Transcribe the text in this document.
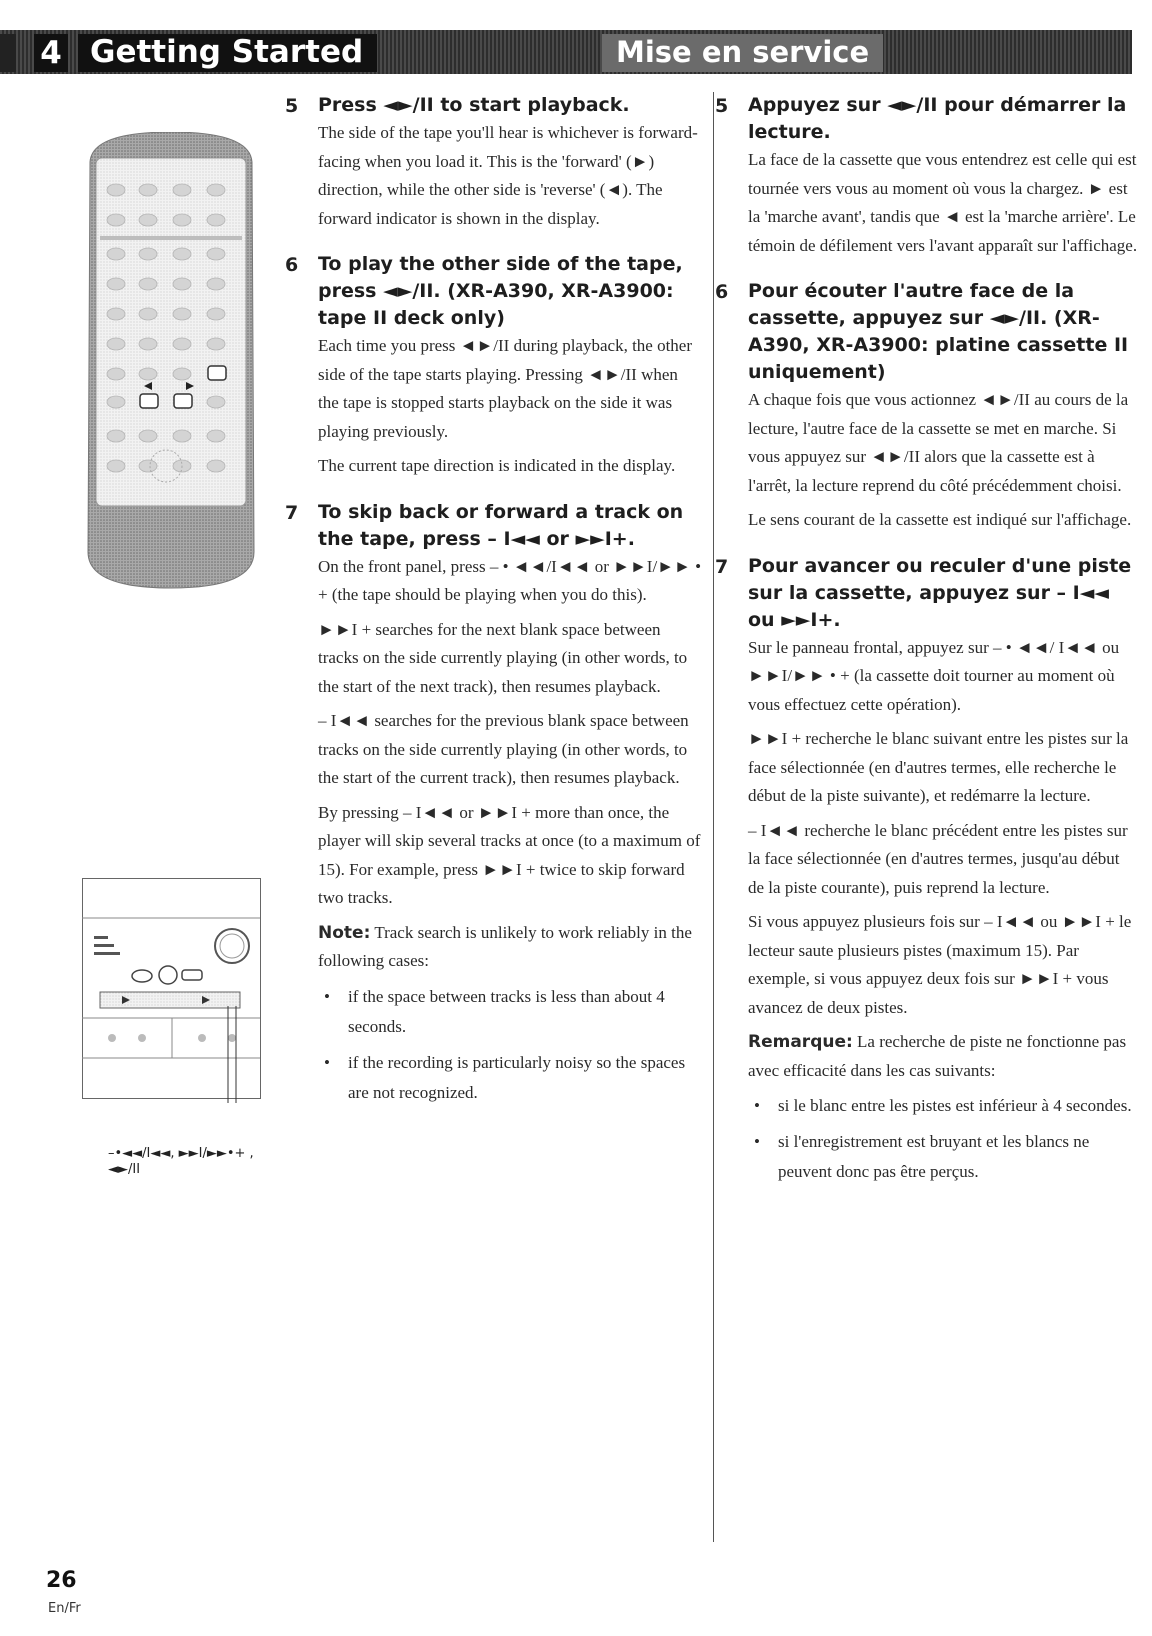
4 Getting Started	Mise en service
–•◄◄/I◄◄, ►►I/►►•+ , ◄►/II
5 Press ◄►/II to start playback.

The side of the tape you'll hear is whichever is forward-facing when you load it. This is the 'forward' (►) direction, while the other side is 'reverse' (◄). The forward indicator is shown in the display.

6 To play the other side of the tape, press ◄►/II. (XR-A390, XR-A3900: tape II deck only)

Each time you press ◄►/II during playback, the other side of the tape starts playing. Pressing ◄►/II when the tape is stopped starts playback on the side it was playing previously.

The current tape direction is indicated in the display.

7 To skip back or forward a track on the tape, press – I◄◄ or ►►I+.

On the front panel, press – • ◄◄/I◄◄ or ►►I/►► • + (the tape should be playing when you do this).

►►I + searches for the next blank space between tracks on the side currently playing (in other words, to the start of the next track), then resumes playback.

– I◄◄ searches for the previous blank space between tracks on the side currently playing (in other words, to the start of the current track), then resumes playback.

By pressing – I◄◄ or ►►I + more than once, the player will skip several tracks at once (to a maximum of 15). For example, press ►►I + twice to skip forward two tracks.

Note: Track search is unlikely to work reliably in the following cases:

• if the space between tracks is less than about 4 seconds.
• if the recording is particularly noisy so the spaces are not recognized.
5 Appuyez sur ◄►/II pour démarrer la lecture.

La face de la cassette que vous entendrez est celle qui est tournée vers vous au moment où vous la chargez. ► est la 'marche avant', tandis que ◄ est la 'marche arrière'. Le témoin de défilement vers l'avant apparaît sur l'affichage.

6 Pour écouter l'autre face de la cassette, appuyez sur ◄►/II. (XR-A390, XR-A3900: platine cassette II uniquement)

A chaque fois que vous actionnez ◄►/II au cours de la lecture, l'autre face de la cassette se met en marche. Si vous appuyez sur ◄►/II alors que la cassette est à l'arrêt, la lecture reprend du côté précédemment choisi.

Le sens courant de la cassette est indiqué sur l'affichage.

7 Pour avancer ou reculer d'une piste sur la cassette, appuyez sur – I◄◄ ou ►►I+.

Sur le panneau frontal, appuyez sur – • ◄◄/ I◄◄ ou ►►I/►► • + (la cassette doit tourner au moment où vous effectuez cette opération).

►►I + recherche le blanc suivant entre les pistes sur la face sélectionnée (en d'autres termes, elle recherche le début de la piste suivante), et redémarre la lecture.

– I◄◄ recherche le blanc précédent entre les pistes sur la face sélectionnée (en d'autres termes, jusqu'au début de la piste courante), puis reprend la lecture.

Si vous appuyez plusieurs fois sur – I◄◄ ou ►►I + le lecteur saute plusieurs pistes (maximum 15). Par exemple, si vous appuyez deux fois sur ►►I + vous avancez de deux pistes.

Remarque: La recherche de piste ne fonctionne pas avec efficacité dans les cas suivants:

• si le blanc entre les pistes est inférieur à 4 secondes.
• si l'enregistrement est bruyant et les blancs ne peuvent donc pas être perçus.
26
En/Fr
